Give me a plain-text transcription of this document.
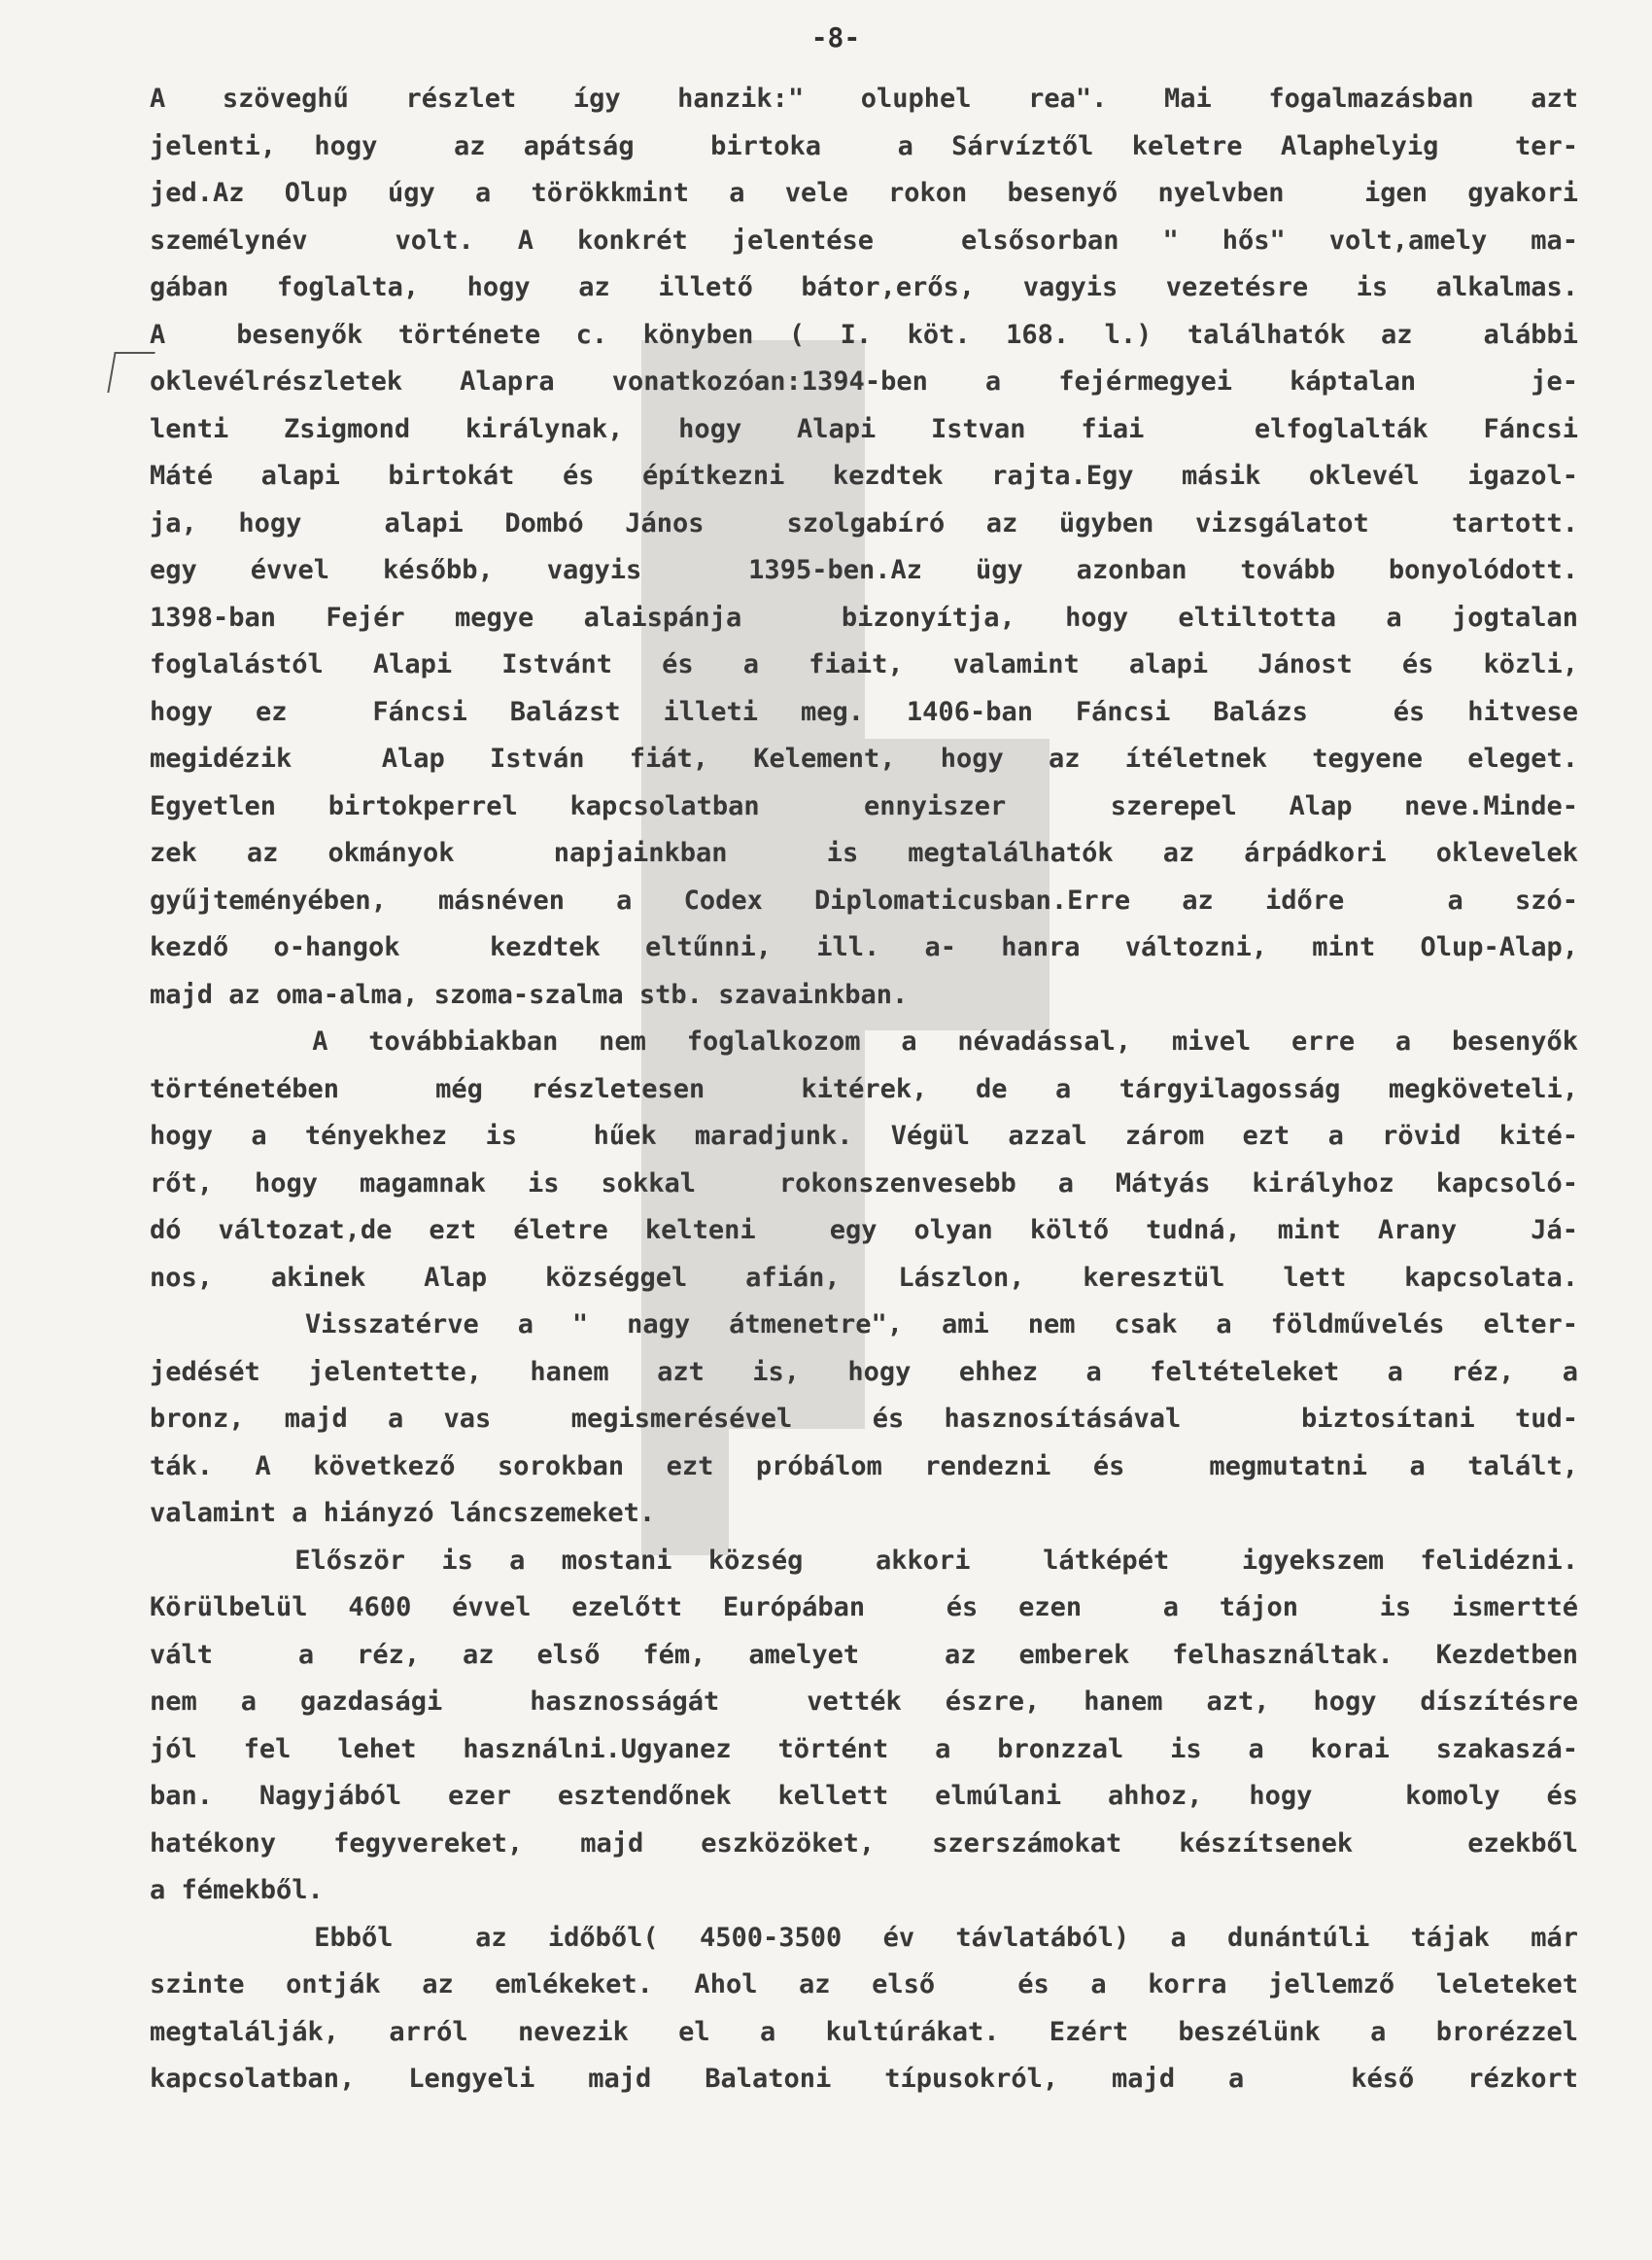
-8-
A szöveghű részlet így hanzik:" oluphel rea". Mai fogalmazásban azt
jelenti, hogy  az apátság  birtoka  a Sárvíztől keletre Alaphelyig  ter-
jed.Az Olup úgy a törökkmint a vele rokon besenyő nyelvben  igen gyakori
személynév  volt. A konkrét jelentése  elsősorban " hős" volt,amely ma-
gában foglalta, hogy az illető bátor,erős, vagyis vezetésre is alkalmas.
A  besenyők története c. könyben ( I. köt. 168. l.) találhatók az  alábbi
oklevélrészletek Alapra vonatkozóan:1394-ben a fejérmegyei káptalan  je-
lenti Zsigmond királynak, hogy Alapi Istvan fiai  elfoglalták Fáncsi
Máté alapi birtokát és építkezni kezdtek rajta.Egy másik oklevél igazol-
ja, hogy  alapi Dombó János  szolgabíró az ügyben vizsgálatot  tartott.
egy évvel később, vagyis  1395-ben.Az ügy azonban tovább bonyolódott.
1398-ban Fejér megye alaispánja  bizonyítja, hogy eltiltotta a jogtalan
foglalástól Alapi Istvánt és a fiait, valamint alapi Jánost és közli,
hogy ez  Fáncsi Balázst illeti meg. 1406-ban Fáncsi Balázs  és hitvese
megidézik  Alap István fiát, Kelement, hogy az ítéletnek tegyene eleget.
Egyetlen birtokperrel kapcsolatban  ennyiszer  szerepel Alap neve.Minde-
zek az okmányok  napjainkban  is megtalálhatók az árpádkori oklevelek
gyűjteményében, másnéven a Codex Diplomaticusban.Erre az időre  a szó-
kezdő o-hangok  kezdtek eltűnni, ill. a- hanra változni, mint Olup-Alap,
majd az oma-alma, szoma-szalma stb. szavainkban.
A továbbiakban nem foglalkozom a névadással, mivel erre a besenyők
történetében  még részletesen  kitérek, de a tárgyilagosság megköveteli,
hogy a tényekhez is  hűek maradjunk. Végül azzal zárom ezt a rövid kité-
rőt, hogy magamnak is sokkal  rokonszenvesebb a Mátyás királyhoz kapcsoló-
dó változat,de ezt életre kelteni  egy olyan költő tudná, mint Arany  Já-
nos, akinek Alap községgel afián, Lászlon, keresztül lett kapcsolata.
Visszatérve a " nagy átmenetre", ami nem csak a földművelés elter-
jedését jelentette, hanem azt is, hogy ehhez a feltételeket a réz, a
bronz, majd a vas  megismerésével  és hasznosításával   biztosítani tud-
ták. A következő sorokban ezt próbálom rendezni és  megmutatni a talált,
valamint a hiányzó láncszemeket.
Először is a mostani község  akkori  látképét  igyekszem felidézni.
Körülbelül 4600 évvel ezelőtt Európában  és ezen  a tájon  is ismertté
vált  a réz, az első fém, amelyet  az emberek felhasználtak. Kezdetben
nem a gazdasági  hasznosságát  vették észre, hanem azt, hogy díszítésre
jól fel lehet használni.Ugyanez történt a bronzzal is a korai szakaszá-
ban. Nagyjából ezer esztendőnek kellett elmúlani ahhoz, hogy  komoly és
hatékony fegyvereket, majd eszközöket, szerszámokat készítsenek  ezekből
a fémekből.
Ebből  az időből( 4500-3500 év távlatából) a dunántúli tájak már
szinte ontják az emlékeket. Ahol az első  és a korra jellemző leleteket
megtalálják, arról nevezik el a kultúrákat. Ezért beszélünk a brorézzel
kapcsolatban, Lengyeli majd Balatoni típusokról, majd a  késő rézkort
